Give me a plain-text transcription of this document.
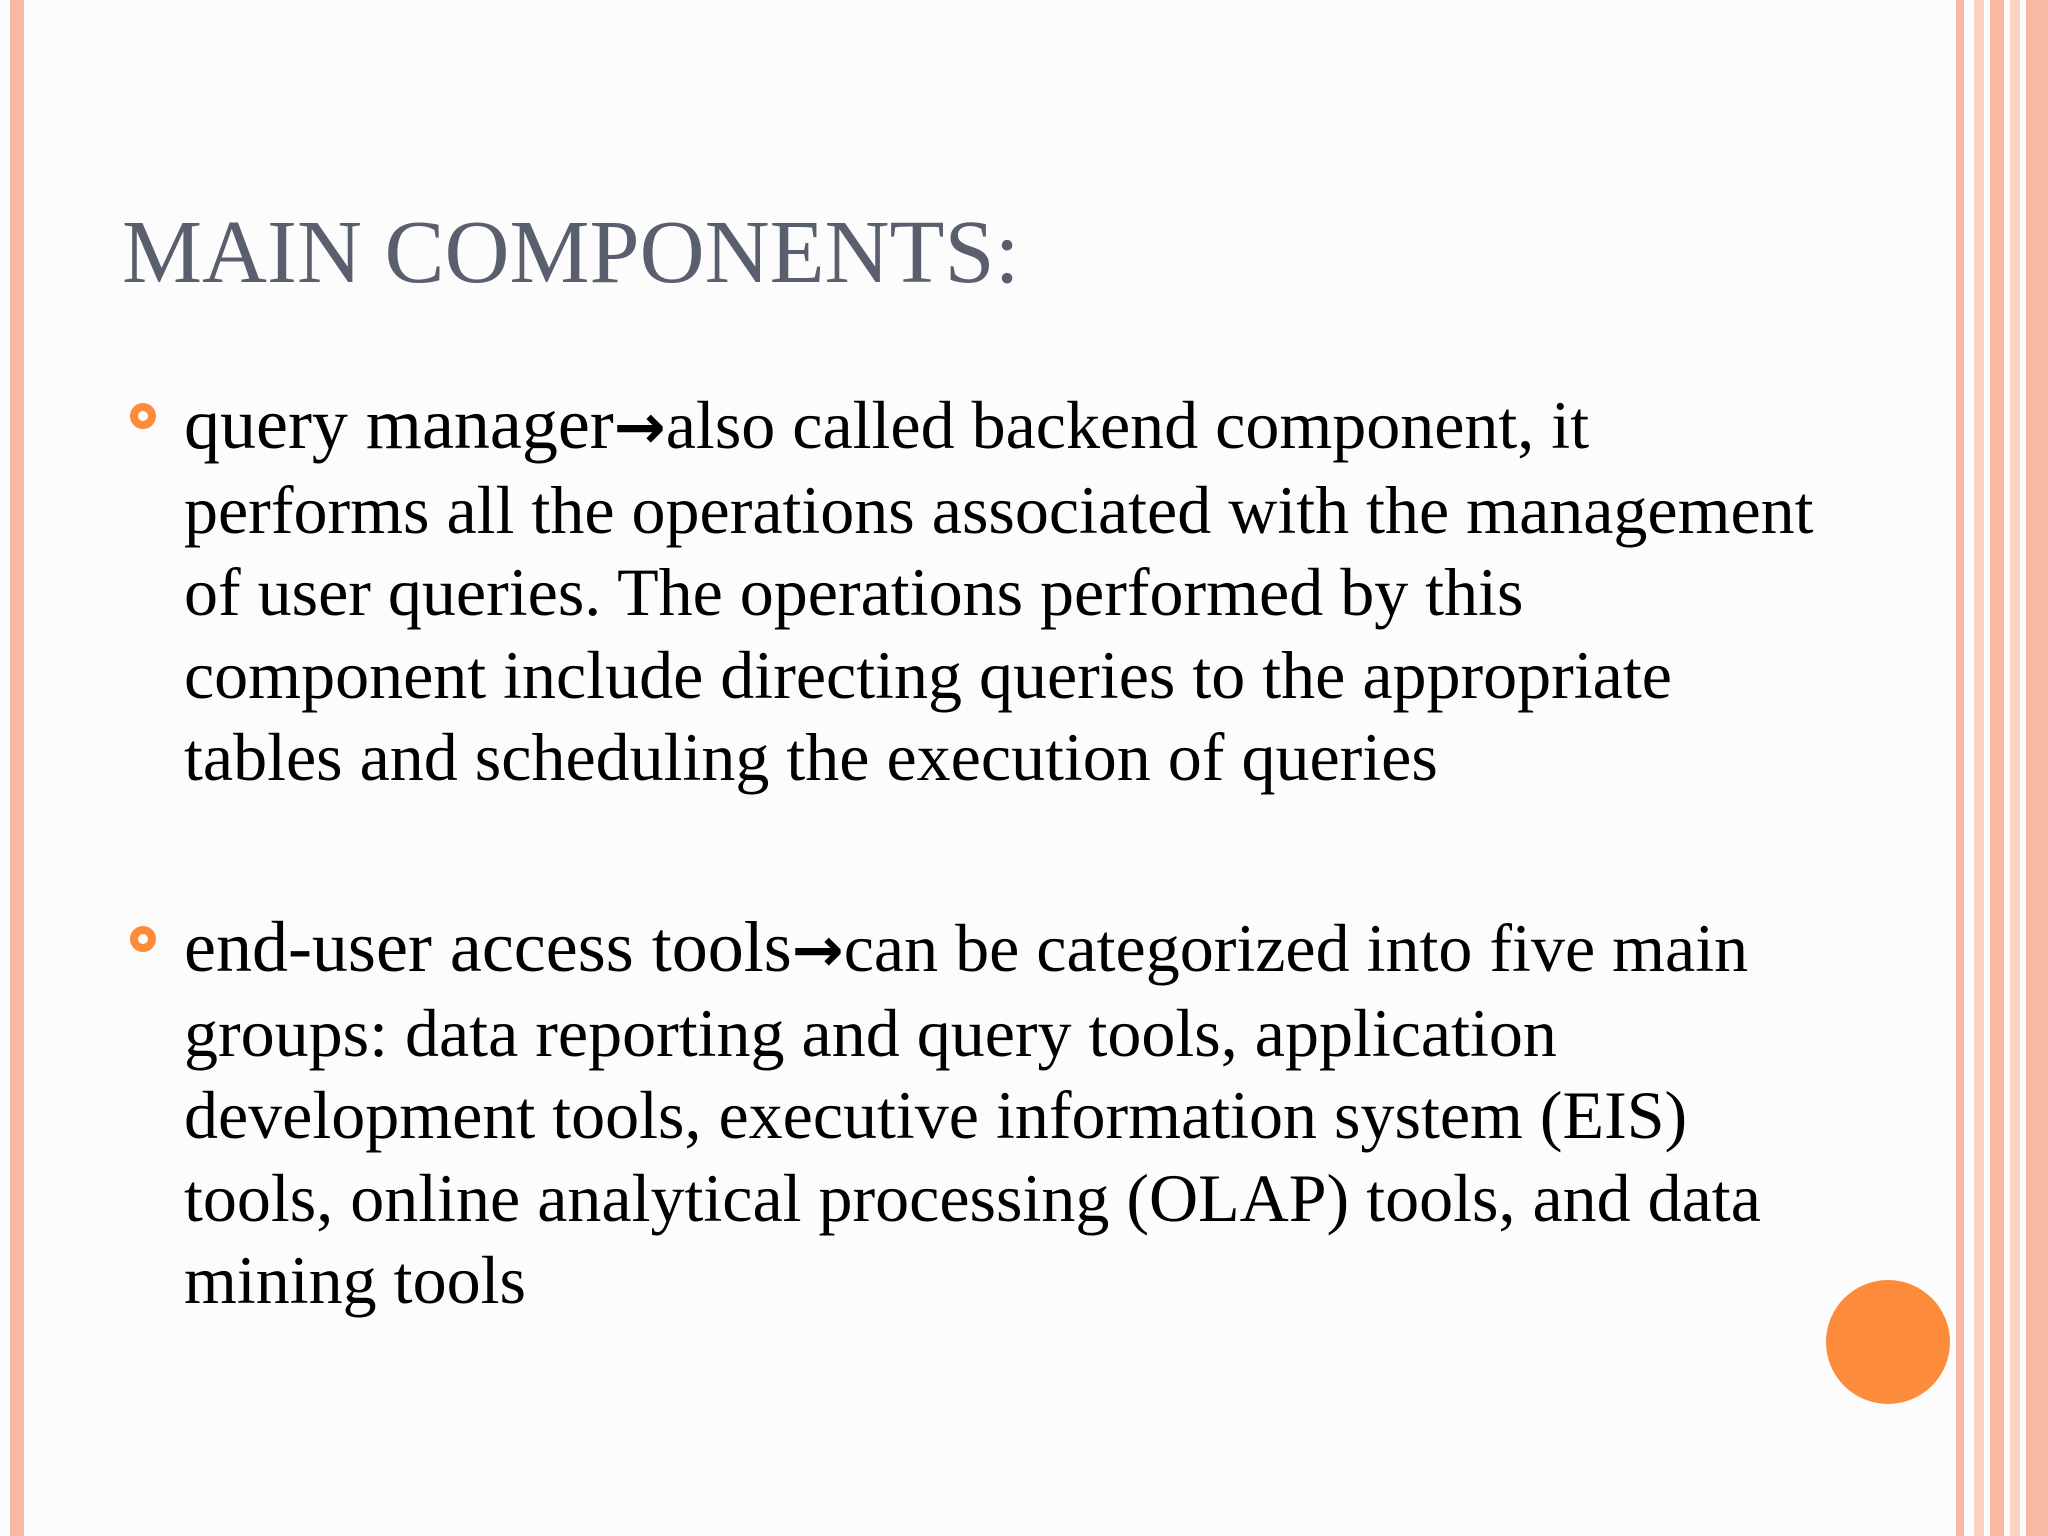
MAIN COMPONENTS:

query manager→also called backend component, it performs all the operations associated with the management of user queries. The operations performed by this component include directing queries to the appropriate tables and scheduling the execution of queries

end-user access tools→can be categorized into five main groups: data reporting and query tools, application development tools, executive information system (EIS) tools, online analytical processing (OLAP) tools, and data mining tools
